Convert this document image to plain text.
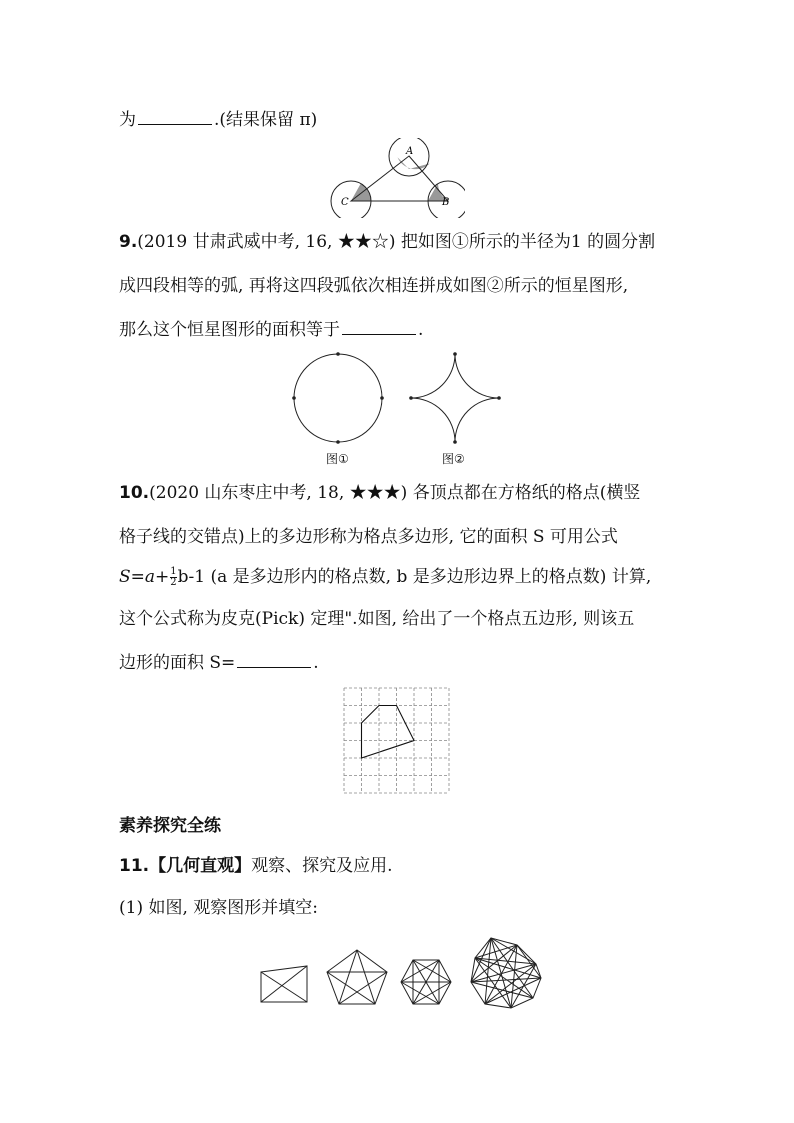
为	.(结果保留 π)
A
B
C
9.(2019 甘肃武威中考, 16, ★★☆) 把如图①所示的半径为1 的圆分割
成四段相等的弧, 再将这四段弧依次相连拼成如图②所示的恒星图形,
那么这个恒星图形的面积等于	.
图①	图②
10.(2020 山东枣庄中考, 18, ★★★) 各顶点都在方格纸的格点(横竖
格子线的交错点)上的多边形称为格点多边形, 它的面积 S 可用公式
$S=a+ \frac{1}{2} b-1$ (a 是多边形内的格点数, b 是多边形边界上的格点数) 计算,
这个公式称为皮克(Pick) 定理".如图, 给出了一个格点五边形, 则该五
边形的面积 S=	.
素养探究全练
11.【几何直观】观察、探究及应用.
(1) 如图, 观察图形并填空:
